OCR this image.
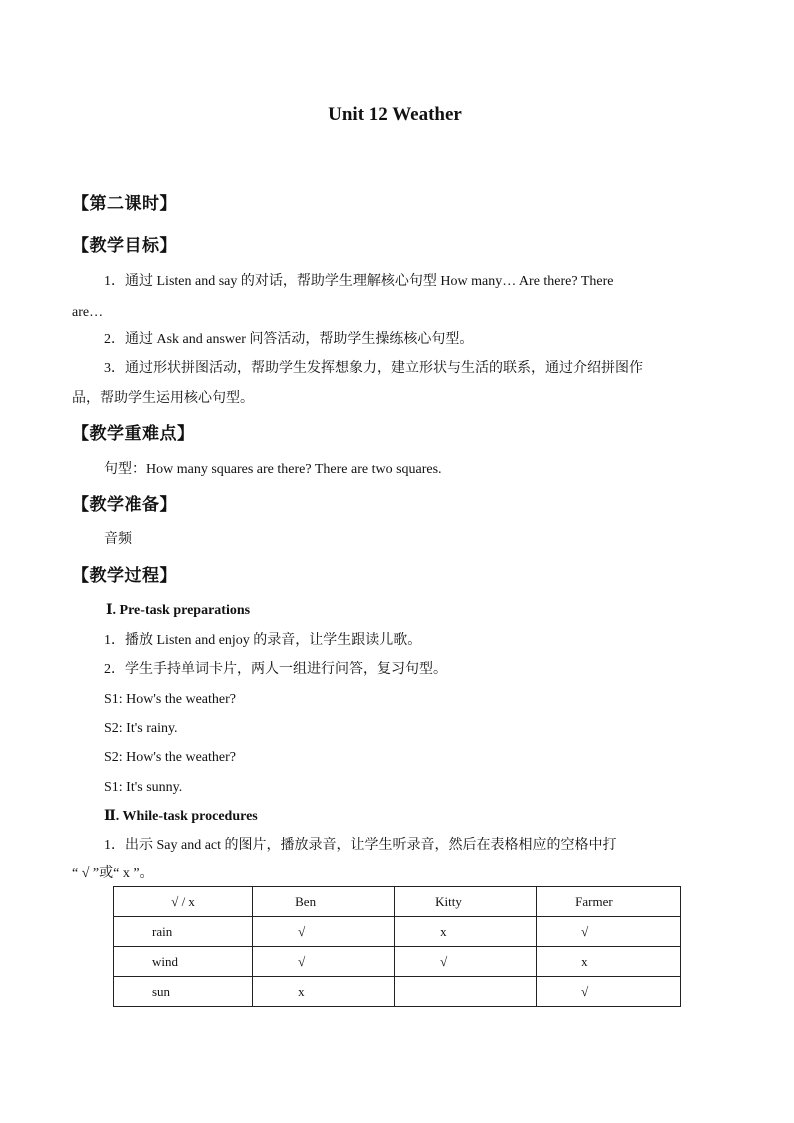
Unit 12 Weather
【第二课时】
【教学目标】
1．通过 Listen and say 的对话，帮助学生理解核心句型 How many… Are there? There
are…
2．通过 Ask and answer 问答活动，帮助学生操练核心句型。
3．通过形状拼图活动，帮助学生发挥想象力，建立形状与生活的联系，通过介绍拼图作
品，帮助学生运用核心句型。
【教学重难点】
句型：How many squares are there? There are two squares.
【教学准备】
音频
【教学过程】
Ⅰ. Pre-task preparations
1．播放 Listen and enjoy 的录音，让学生跟读儿歌。
2．学生手持单词卡片，两人一组进行问答，复习句型。
S1: How's the weather?
S2: It's rainy.
S2: How's the weather?
S1: It's sunny.
Ⅱ. While-task procedures
1．出示 Say and act 的图片，播放录音，让学生听录音，然后在表格相应的空格中打
“ √ ”或“ x ”。
√ / x	Ben	Kitty	Farmer
rain	√	x	√
wind	√	√	x
sun	x		√
